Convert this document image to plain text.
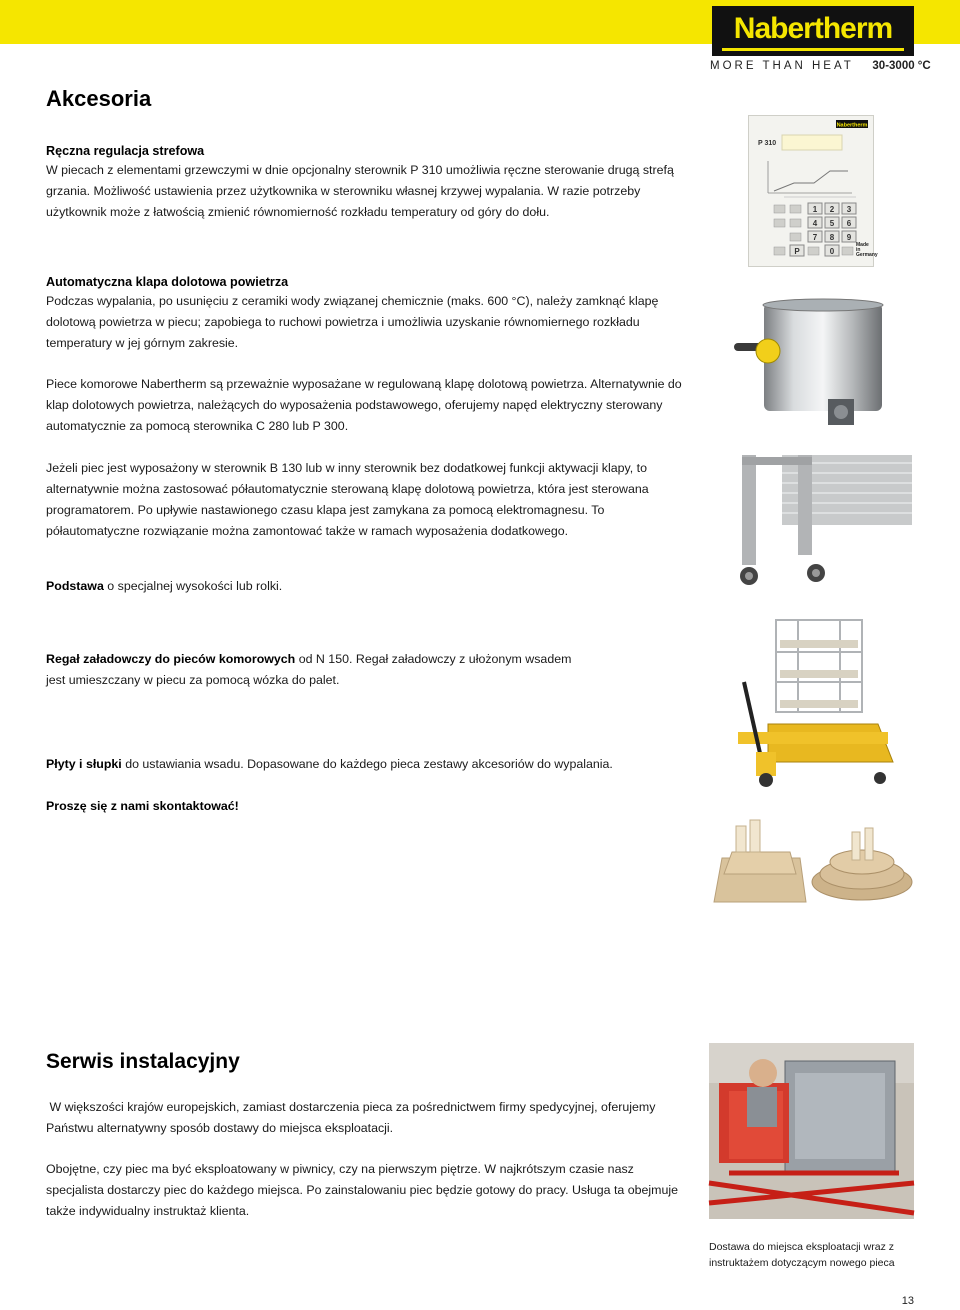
Nabertherm
MORE THAN HEAT 30-3000 °C
Akcesoria

Ręczna regulacja strefowa

W piecach z elementami grzewczymi w dnie opcjonalny sterownik P 310 umożliwia ręczne sterowanie drugą strefą
grzania. Możliwość ustawienia przez użytkownika w sterowniku własnej krzywej wypalania. W razie potrzeby
użytkownik może z łatwością zmienić równomierność rozkładu temperatury od góry do dołu.

Automatyczna klapa dolotowa powietrza

Podczas wypalania, po usunięciu z ceramiki wody związanej chemicznie (maks. 600 °C), należy zamknąć klapę
dolotową powietrza w piecu; zapobiega to ruchowi powietrza i umożliwia uzyskanie równomiernego rozkładu
temperatury w jej górnym zakresie.

Piece komorowe Nabertherm są przeważnie wyposażane w regulowaną klapę dolotową powietrza. Alternatywnie do
klap dolotowych powietrza, należących do wyposażenia podstawowego, oferujemy napęd elektryczny sterowany
automatycznie za pomocą sterownika C 280 lub P 300.

Jeżeli piec jest wyposażony w sterownik B 130 lub w inny sterownik bez dodatkowej funkcji aktywacji klapy, to
alternatywnie można zastosować półautomatycznie sterowaną klapę dolotową powietrza, która jest sterowana
programatorem. Po upływie nastawionego czasu klapa jest zamykana za pomocą elektromagnesu. To
półautomatyczne rozwiązanie można zamontować także w ramach wyposażenia dodatkowego.

Podstawa o specjalnej wysokości lub rolki.

Regał załadowczy do pieców komorowych od N 150. Regał załadowczy z ułożonym wsadem
jest umieszczany w piecu za pomocą wózka do palet.

Płyty i słupki do ustawiania wsadu. Dopasowane do każdego pieca zestawy akcesoriów do wypalania.

Proszę się z nami skontaktować!

Serwis instalacyjny

W większości krajów europejskich, zamiast dostarczenia pieca za pośrednictwem firmy spedycyjnej, oferujemy
Państwu alternatywny sposób dostawy do miejsca eksploatacji.

Obojętne, czy piec ma być eksploatowany w piwnicy, czy na pierwszym piętrze. W najkrótszym czasie nasz
specjalista dostarczy piec do każdego miejsca. Po zainstalowaniu piec będzie gotowy do pracy. Usługa ta obejmuje
także indywidualny instruktaż klienta.

Nabertherm
P 310
1 2 3
4 5 6
7 8 9
0
P
Made
in
Germany

Dostawa do miejsca eksploatacji wraz z
instruktażem dotyczącym nowego pieca

13
